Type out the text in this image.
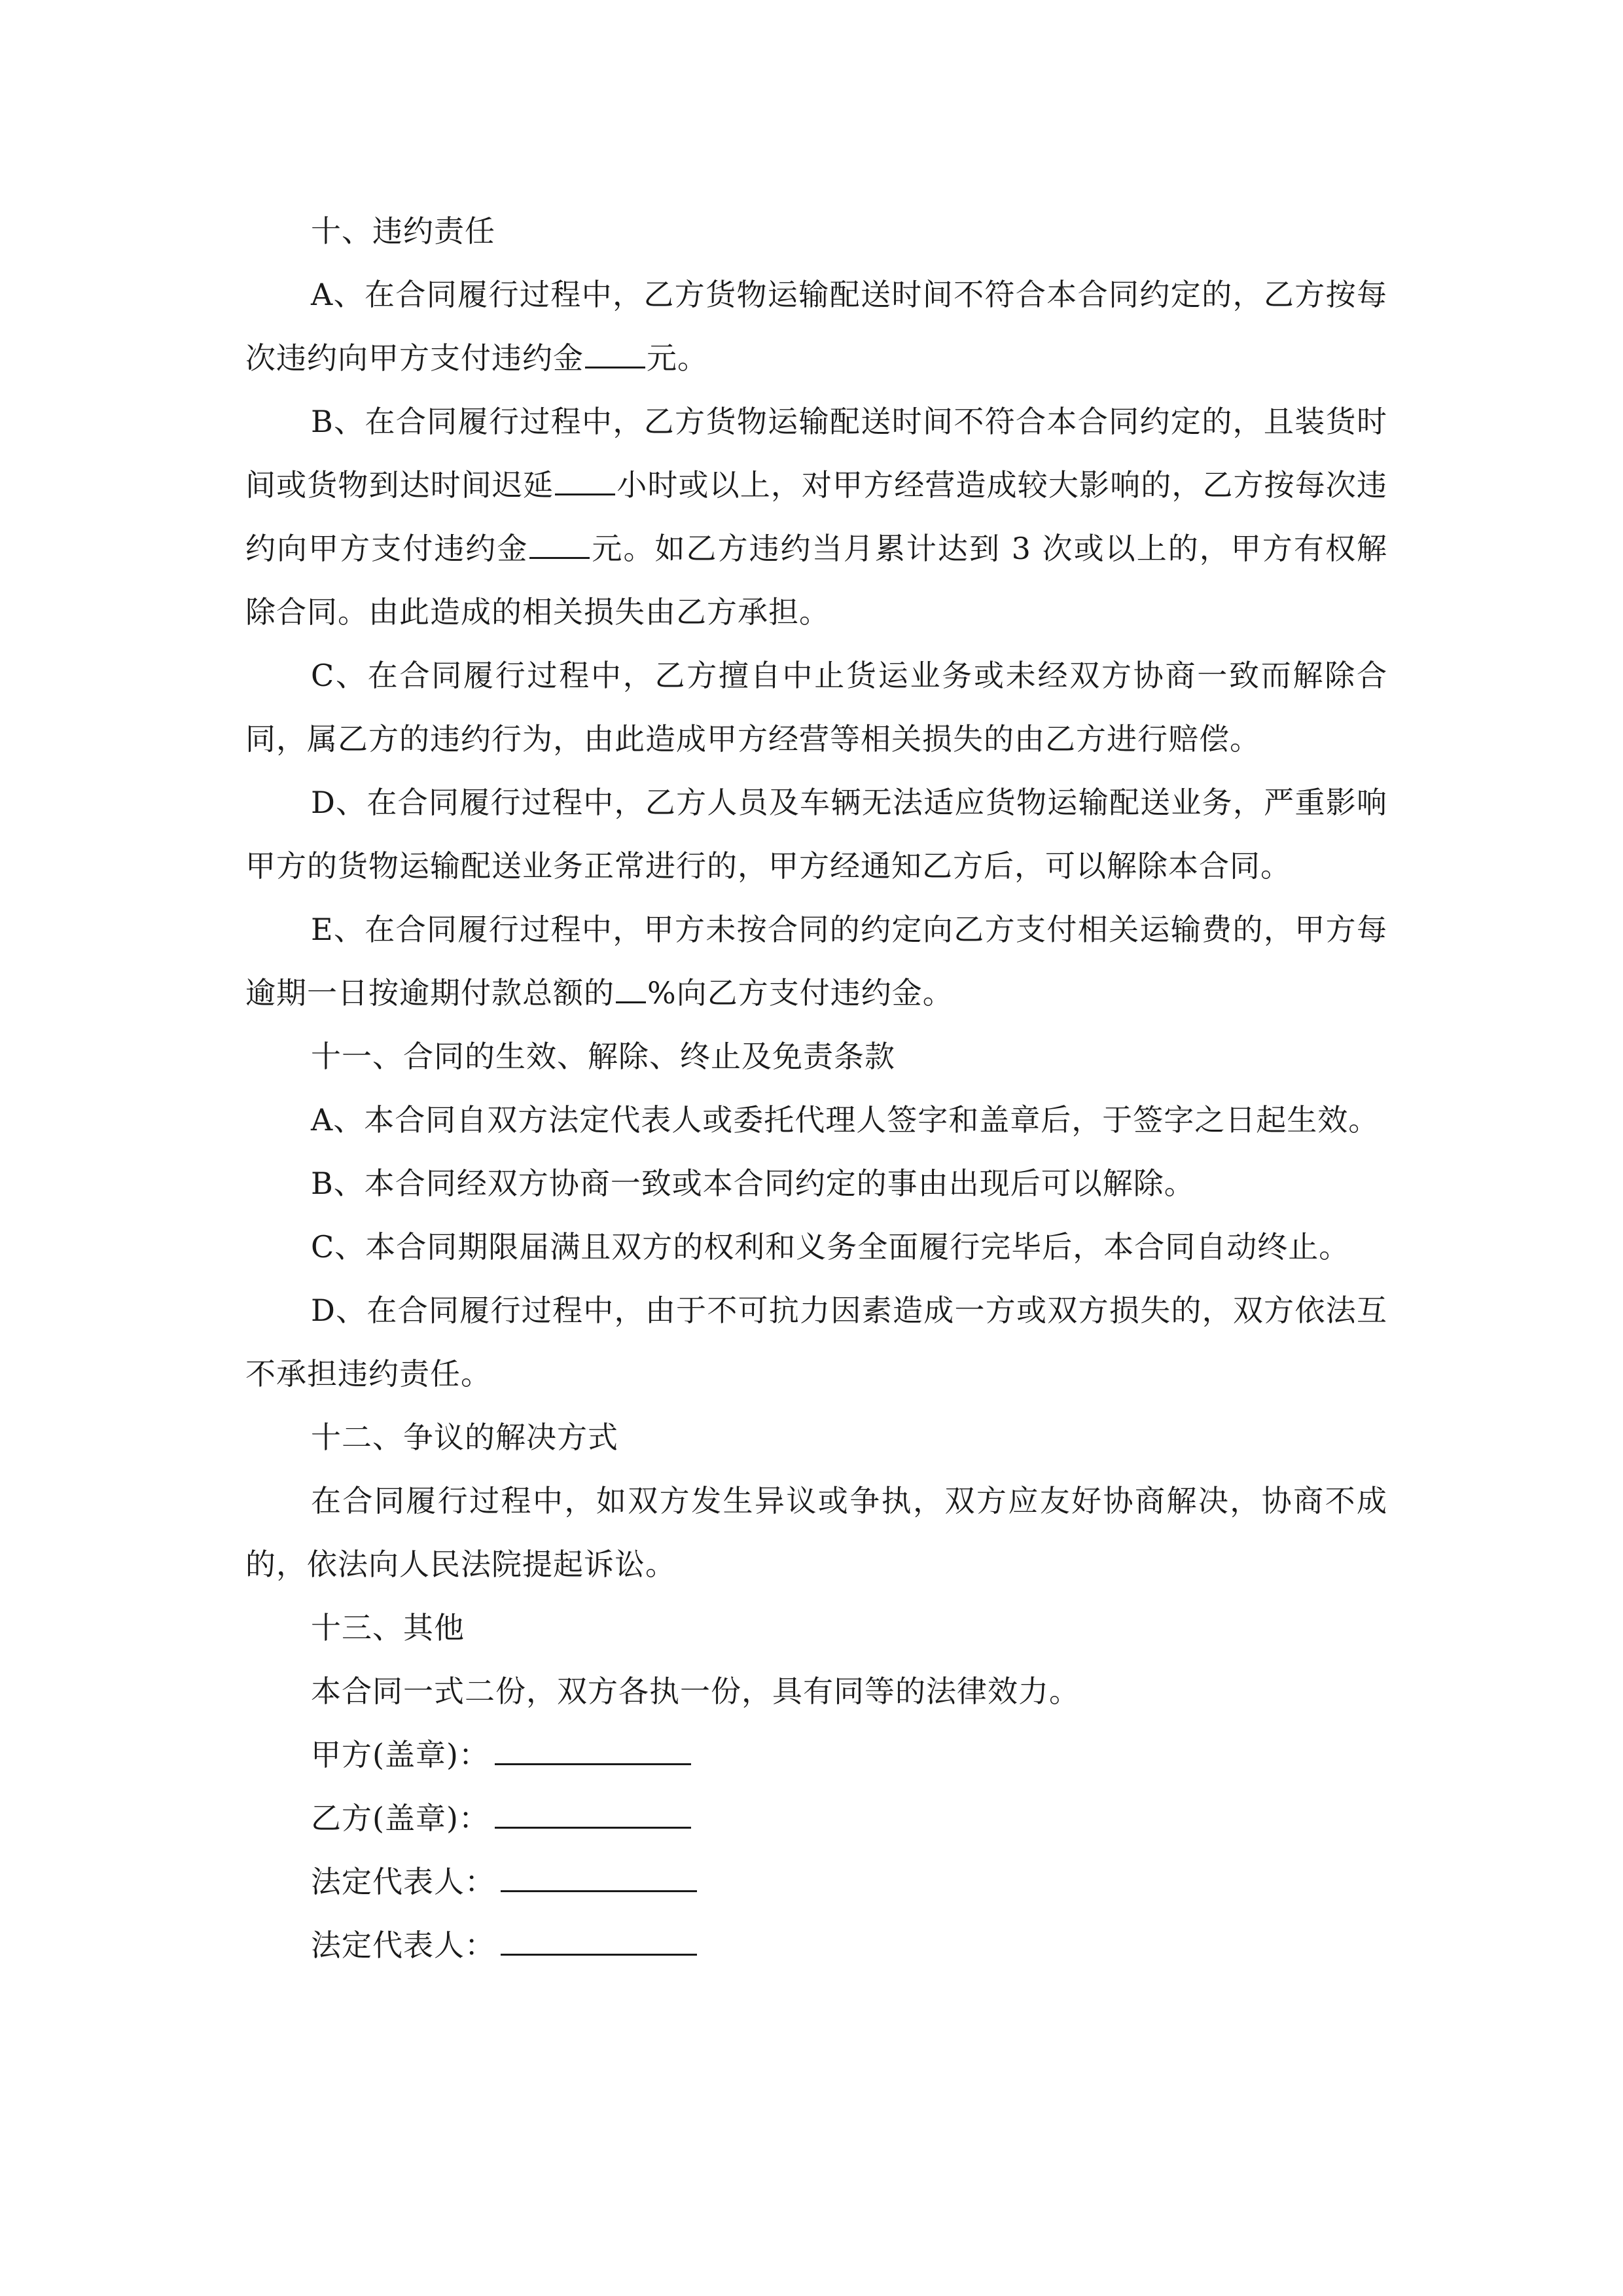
十、违约责任

A、在合同履行过程中，乙方货物运输配送时间不符合本合同约定的，乙方按每次违约向甲方支付违约金 元。

B、在合同履行过程中，乙方货物运输配送时间不符合本合同约定的，且装货时间或货物到达时间迟延 小时或以上，对甲方经营造成较大影响的，乙方按每次违约向甲方支付违约金 元。如乙方违约当月累计达到 3 次或以上的，甲方有权解除合同。由此造成的相关损失由乙方承担。

C、在合同履行过程中，乙方擅自中止货运业务或未经双方协商一致而解除合同，属乙方的违约行为，由此造成甲方经营等相关损失的由乙方进行赔偿。

D、在合同履行过程中，乙方人员及车辆无法适应货物运输配送业务，严重影响甲方的货物运输配送业务正常进行的，甲方经通知乙方后，可以解除本合同。

E、在合同履行过程中，甲方未按合同的约定向乙方支付相关运输费的，甲方每逾期一日按逾期付款总额的 %向乙方支付违约金。

十一、合同的生效、解除、终止及免责条款

A、本合同自双方法定代表人或委托代理人签字和盖章后，于签字之日起生效。

B、本合同经双方协商一致或本合同约定的事由出现后可以解除。

C、本合同期限届满且双方的权利和义务全面履行完毕后，本合同自动终止。

D、在合同履行过程中，由于不可抗力因素造成一方或双方损失的，双方依法互不承担违约责任。

十二、争议的解决方式

在合同履行过程中，如双方发生异议或争执，双方应友好协商解决，协商不成的，依法向人民法院提起诉讼。

十三、其他

本合同一式二份，双方各执一份，具有同等的法律效力。

甲方(盖章)：

乙方(盖章)：

法定代表人：

法定代表人：
